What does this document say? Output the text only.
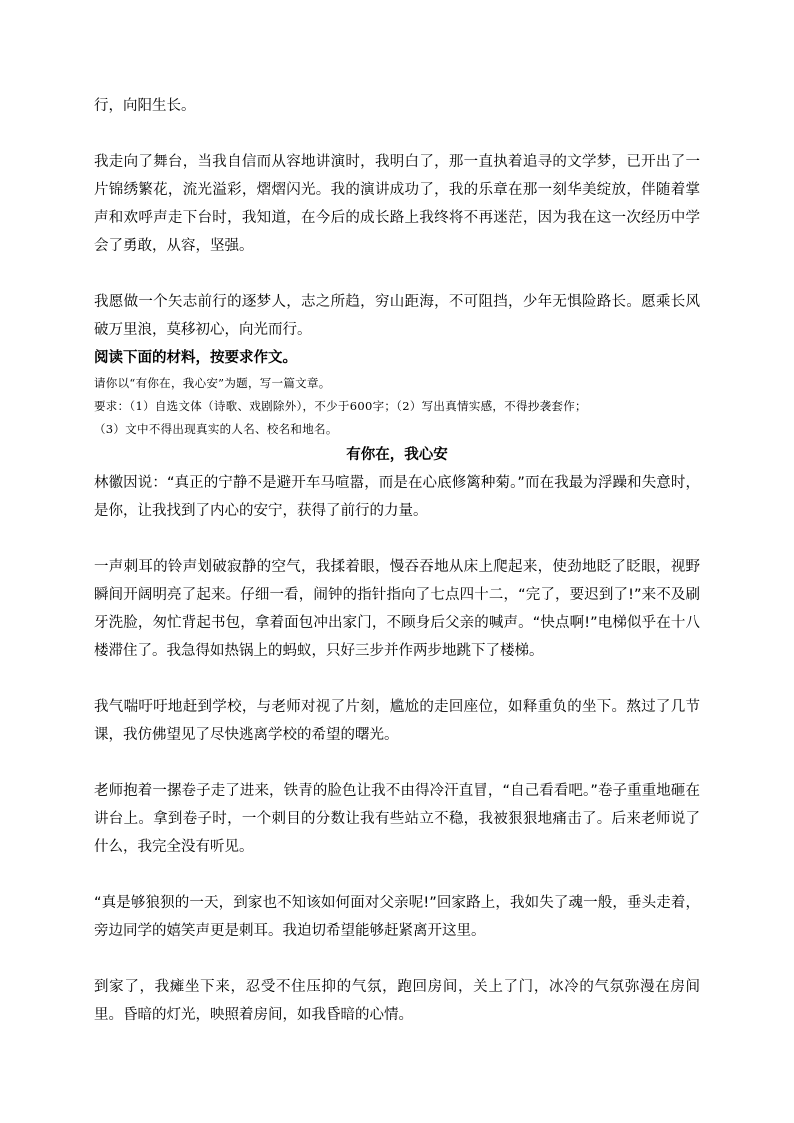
行，向阳生长。

我走向了舞台，当我自信而从容地讲演时，我明白了，那一直执着追寻的文学梦，已开出了一片锦绣繁花，流光溢彩，熠熠闪光。我的演讲成功了，我的乐章在那一刻华美绽放，伴随着掌声和欢呼声走下台时，我知道，在今后的成长路上我终将不再迷茫，因为我在这一次经历中学会了勇敢，从容，坚强。

我愿做一个矢志前行的逐梦人，志之所趋，穷山距海，不可阻挡，少年无惧险路长。愿乘长风破万里浪，莫移初心，向光而行。

阅读下面的材料，按要求作文。

请你以“有你在，我心安”为题，写一篇文章。

要求：（1）自选文体（诗歌、戏剧除外），不少于600字；（2）写出真情实感，不得抄袭套作；

（3）文中不得出现真实的人名、校名和地名。

有你在，我心安

林徽因说：“真正的宁静不是避开车马喧嚣，而是在心底修篱种菊。”而在我最为浮躁和失意时，是你，让我找到了内心的安宁，获得了前行的力量。

一声刺耳的铃声划破寂静的空气，我揉着眼，慢吞吞地从床上爬起来，使劲地眨了眨眼，视野瞬间开阔明亮了起来。仔细一看，闹钟的指针指向了七点四十二，“完了，要迟到了!”来不及刷牙洗脸，匆忙背起书包，拿着面包冲出家门，不顾身后父亲的喊声。“快点啊!”电梯似乎在十八楼滞住了。我急得如热锅上的蚂蚁，只好三步并作两步地跳下了楼梯。

我气喘吁吁地赶到学校，与老师对视了片刻，尴尬的走回座位，如释重负的坐下。熬过了几节课，我仿佛望见了尽快逃离学校的希望的曙光。

老师抱着一摞卷子走了进来，铁青的脸色让我不由得冷汗直冒，“自己看看吧。”卷子重重地砸在讲台上。拿到卷子时，一个刺目的分数让我有些站立不稳，我被狠狠地痛击了。后来老师说了什么，我完全没有听见。

“真是够狼狈的一天，到家也不知该如何面对父亲呢!”回家路上，我如失了魂一般，垂头走着，旁边同学的嬉笑声更是刺耳。我迫切希望能够赶紧离开这里。

到家了，我瘫坐下来，忍受不住压抑的气氛，跑回房间，关上了门，冰冷的气氛弥漫在房间里。昏暗的灯光，映照着房间，如我昏暗的心情。
